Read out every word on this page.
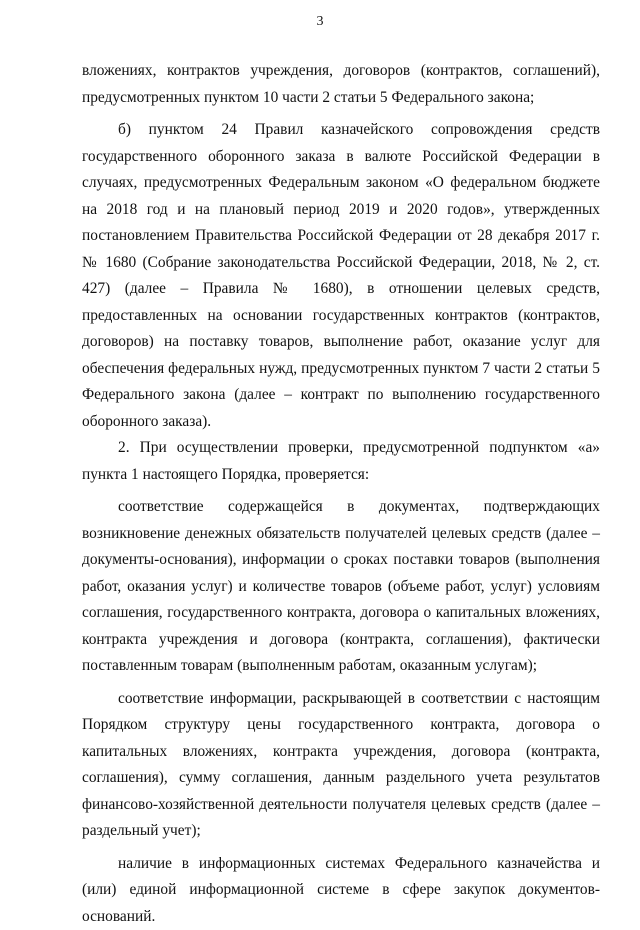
3

вложениях, контрактов учреждения, договоров (контрактов, соглашений), предусмотренных пунктом 10 части 2 статьи 5 Федерального закона;

б) пунктом 24 Правил казначейского сопровождения средств государственного оборонного заказа в валюте Российской Федерации в случаях, предусмотренных Федеральным законом «О федеральном бюджете на 2018 год и на плановый период 2019 и 2020 годов», утвержденных постановлением Правительства Российской Федерации от 28 декабря 2017 г. № 1680 (Собрание законодательства Российской Федерации, 2018, № 2, ст. 427) (далее – Правила № 1680), в отношении целевых средств, предоставленных на основании государственных контрактов (контрактов, договоров) на поставку товаров, выполнение работ, оказание услуг для обеспечения федеральных нужд, предусмотренных пунктом 7 части 2 статьи 5 Федерального закона (далее – контракт по выполнению государственного оборонного заказа).

2. При осуществлении проверки, предусмотренной подпунктом «а» пункта 1 настоящего Порядка, проверяется:

соответствие содержащейся в документах, подтверждающих возникновение денежных обязательств получателей целевых средств (далее – документы-основания), информации о сроках поставки товаров (выполнения работ, оказания услуг) и количестве товаров (объеме работ, услуг) условиям соглашения, государственного контракта, договора о капитальных вложениях, контракта учреждения и договора (контракта, соглашения), фактически поставленным товарам (выполненным работам, оказанным услугам);

соответствие информации, раскрывающей в соответствии с настоящим Порядком структуру цены государственного контракта, договора о капитальных вложениях, контракта учреждения, договора (контракта, соглашения), сумму соглашения, данным раздельного учета результатов финансово-хозяйственной деятельности получателя целевых средств (далее – раздельный учет);

наличие в информационных системах Федерального казначейства и (или) единой информационной системе в сфере закупок документов-оснований.
